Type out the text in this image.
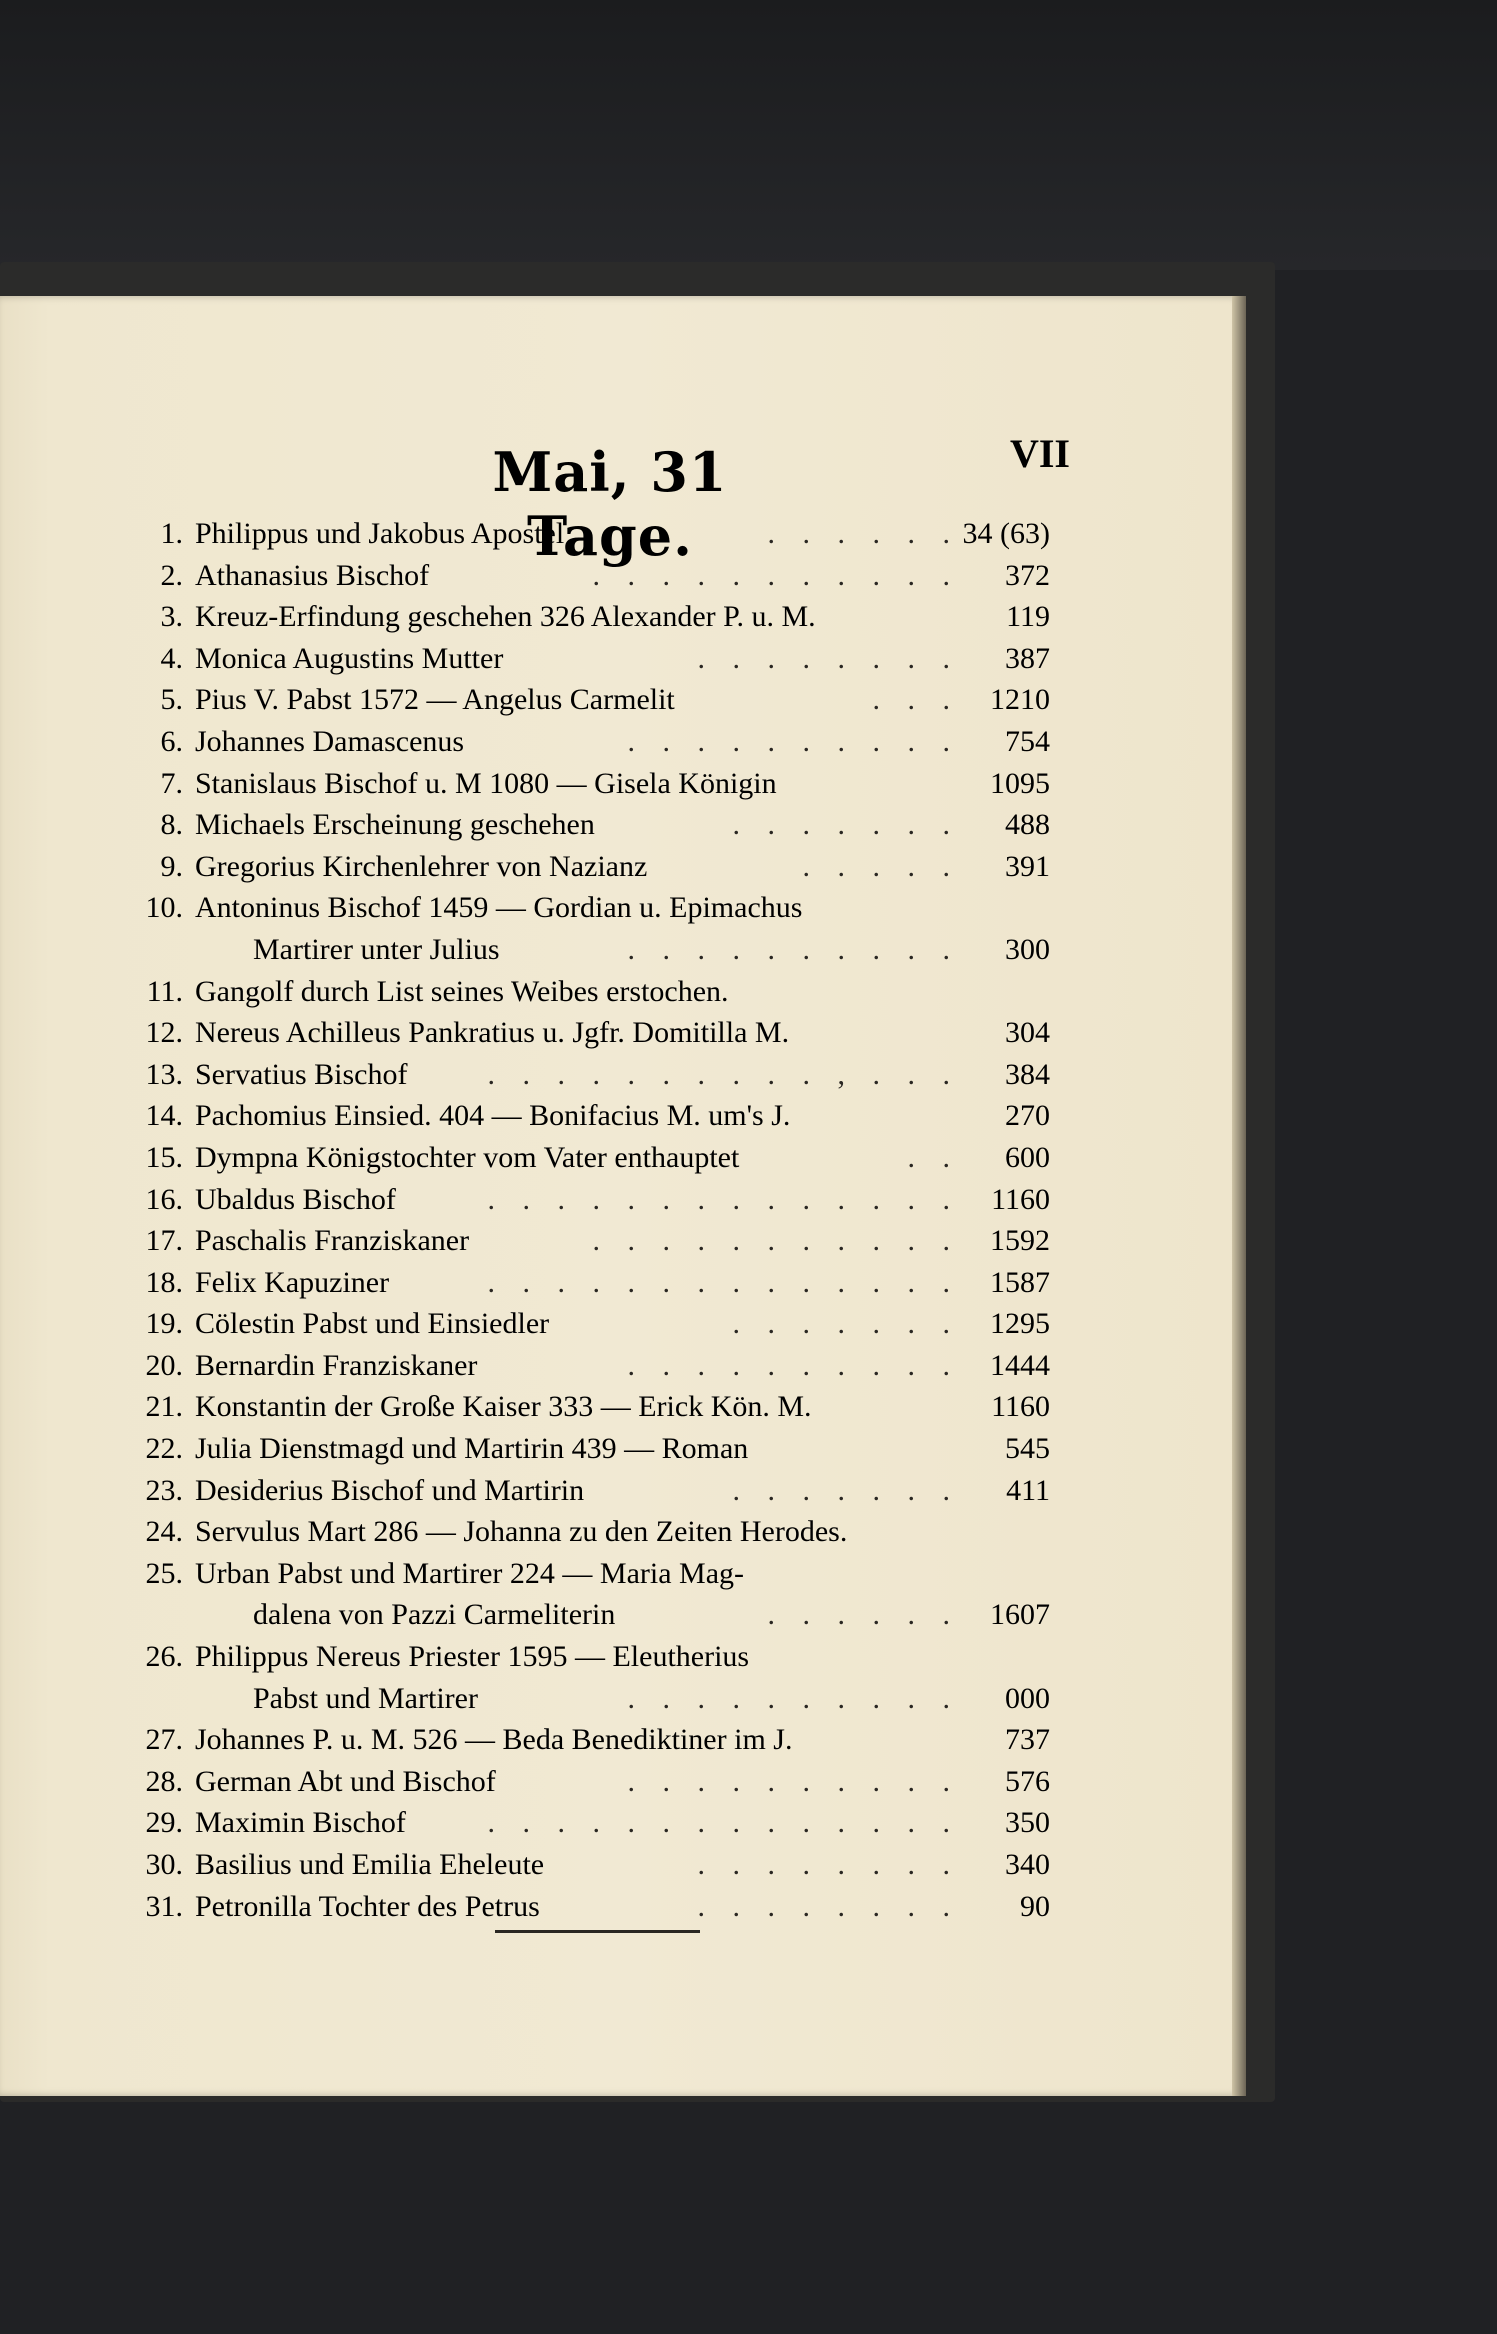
Mai, 31 Tage.
VII
1. Philippus und Jakobus Apostel	. . . . . . 34 (63)
2. Athanasius Bischof	. . . . . . . . . . . 372
3. Kreuz-Erfindung geschehen 326 Alexander P. u. M.	119
4. Monica Augustins Mutter	. . . . . . . . 387
5. Pius V. Pabst 1572 — Angelus Carmelit	. . . 1210
6. Johannes Damascenus	. . . . . . . . . . 754
7. Stanislaus Bischof u. M 1080 — Gisela Königin	1095
8. Michaels Erscheinung geschehen	. . . . . . . 488
9. Gregorius Kirchenlehrer von Nazianz	. . . . . 391
10. Antoninus Bischof 1459 — Gordian u. Epimachus
Martirer unter Julius	. . . . . . . . . . 300
11. Gangolf durch List seines Weibes erstochen.
12. Nereus Achilleus Pankratius u. Jgfr. Domitilla M.	304
13. Servatius Bischof	. . . . . . . . . . , . . . 384
14. Pachomius Einsied. 404 — Bonifacius M. um's J.	270
15. Dympna Königstochter vom Vater enthauptet	. . 600
16. Ubaldus Bischof	. . . . . . . . . . . . . . 1160
17. Paschalis Franziskaner	. . . . . . . . . . . 1592
18. Felix Kapuziner	. . . . . . . . . . . . . . 1587
19. Cölestin Pabst und Einsiedler	. . . . . . . 1295
20. Bernardin Franziskaner	. . . . . . . . . . 1444
21. Konstantin der Große Kaiser 333 — Erick Kön. M.	1160
22. Julia Dienstmagd und Martirin 439 — Roman	545
23. Desiderius Bischof und Martirin	. . . . . . . 411
24. Servulus Mart 286 — Johanna zu den Zeiten Herodes.
25. Urban Pabst und Martirer 224 — Maria Mag-
dalena von Pazzi Carmeliterin	. . . . . . 1607
26. Philippus Nereus Priester 1595 — Eleutherius
Pabst und Martirer	. . . . . . . . . . 000
27. Johannes P. u. M. 526 — Beda Benediktiner im J.	737
28. German Abt und Bischof	. . . . . . . . . . 576
29. Maximin Bischof	. . . . . . . . . . . . . . 350
30. Basilius und Emilia Eheleute	. . . . . . . . 340
31. Petronilla Tochter des Petrus	. . . . . . . . 90
